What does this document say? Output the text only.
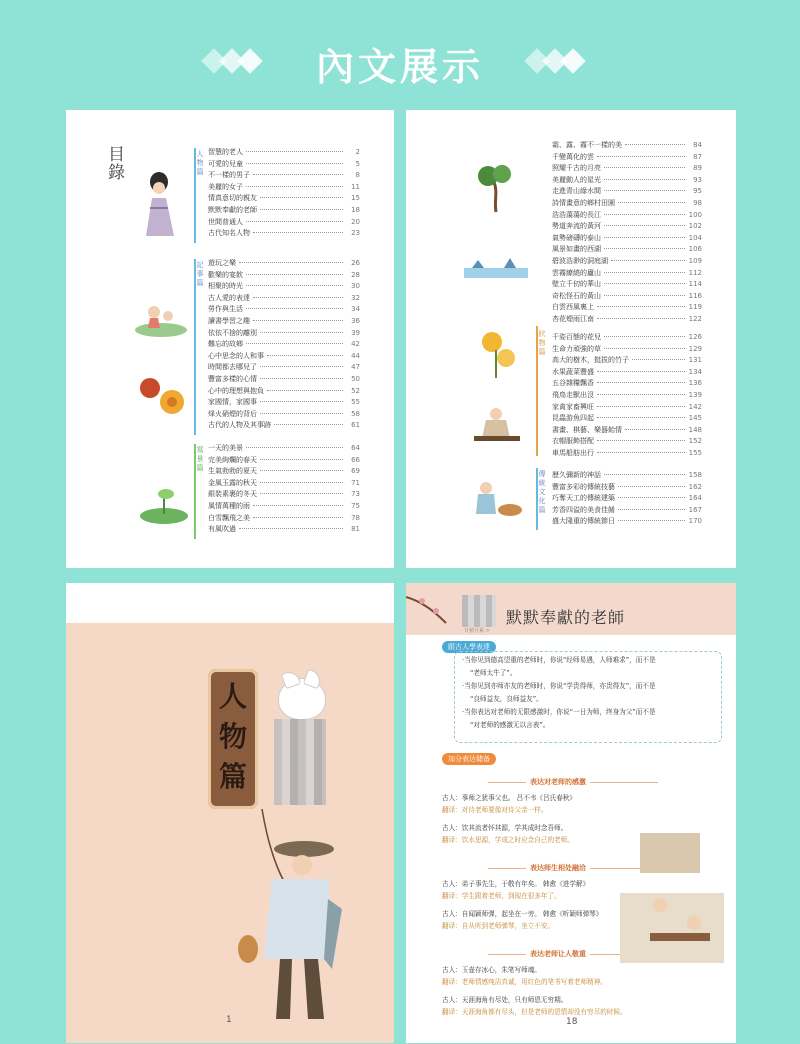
內文展示
目錄
人物篇
記事篇
寫景篇
智慧的老人	2
可愛的兒童	5
不一樣的男子	8
美麗的女子	11
情真意切的親友	15
默默奉獻的老師	18
世間普通人	20
古代知名人物	23
遊玩之樂	26
歡樂的宴飲	28
相聚的時光	30
古人愛的表達	32
勞作與生活	34
讀書學習之趣	36
依依不捨的離別	39
難忘的故鄉	42
心中思念的人和事	44
時間都去哪兒了	47
豐富多樣的心情	50
心中的理想與抱負	52
家國情，家國事	55
烽火硝煙的背后	58
古代的人物及其事跡	61
一天的美景	64
完美絢爛的春天	66
生氣勃勃的夏天	69
金風玉露的秋天	71
銀裝素裹的冬天	73
風情萬種的雨	75
白雪飄飛之美	78
有風吹過	81
狀物篇
傳統文化篇
霜、露、霧不一樣的美	84
千變萬化的雲	87
照耀千古的月亮	89
美麗動人的星光	93
走進青山綠水間	95
詩情畫意的鄉村田園	98
浩浩蕩蕩的長江	100
勢道奔流的黃河	102
氣勢磅礴的泰山	104
風景如畫的西湖	106
碧波浩渺的洞庭湖	109
雲霧繚繞的廬山	112
壁立千仞的華山	114
奇松怪石的黃山	116
白雲西風裏上	119
杏花煙雨江南	122
千姿百態的花兒	126
生命力頑強的草	129
高大的樹木，挺拔的竹子	131
水果蔬菜豐盛	134
五谷雜糧飄香	136
飛鳥走獸出沒	139
家禽家畜興旺	142
昆蟲游魚四起	145
書畫、棋藝、樂器飴情	148
衣帽服飾搭配	152
車馬船舫出行	155
歷久彌新的神話	158
豐富多彩的傳統技藝	162
巧奪天工的傳統建築	164
芳香四溢的美食佳餚	167
盛大隆重的傳統節日	170
人
物
篇
1
默默奉獻的老師
日積月累 >
跟古人學表達
·当你见到德高望重的老师时，你说“经师易遇，人师难求”，而不是
“老师太牛了”。
·当你见到亦师亦友的老师时，你说“学贵得师，亦贵得友”，而不是
“良师益友，良师益友”。
·当你表达对老师的无限感激时，你说“一日为师，终身为父”而不是
“对老师的感激无以言表”。
加分表达储备
表达对老师的感激
古人：事师之犹事父也。 吕不韦《吕氏春秋》
翻译：对待老师要像对待父亲一样。
古人：饮其流者怀其源，学其成时念吾师。
翻译：饮水思源，学成之时应念自己的老师。
表达师生相处融洽
古人：弟子事先生，于敬有年矣。 韩愈《进学解》
翻译：学生跟着老师，到现在很多年了。
古人：自闻颖师弹，起坐在一旁。 韩愈《听颖师弹琴》
翻译：自从听到老师弹琴，坐立不安。
表达老师让人敬重
古人：玉壶存冰心，朱笔写师魂。
翻译：老师情感纯洁真诚，用红色的笔书写着老师精神。
古人：天涯海角有尽处，只有师恩无穷期。
翻译：天涯海角都有尽头，但是老师的恩情却没有穷尽的时候。
18
